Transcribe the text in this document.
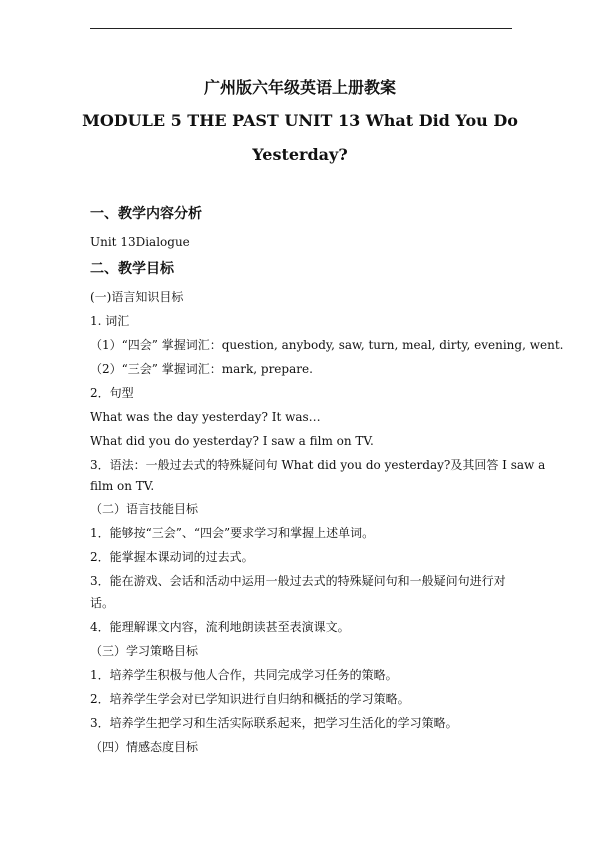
广州版六年级英语上册教案
MODULE 5 THE PAST UNIT 13 What Did You Do
Yesterday?
一、教学内容分析
Unit 13Dialogue
二、教学目标
(一)语言知识目标
1. 词汇
（1）“四会” 掌握词汇：question, anybody, saw, turn, meal, dirty, evening, went.
（2）“三会” 掌握词汇：mark, prepare.
2．句型
What was the day yesterday? It was…
What did you do yesterday? I saw a film on TV.
3．语法：一般过去式的特殊疑问句 What did you do yesterday?及其回答 I saw a
film on TV.
（二）语言技能目标
1．能够按“三会”、“四会”要求学习和掌握上述单词。
2．能掌握本课动词的过去式。
3．能在游戏、会话和活动中运用一般过去式的特殊疑问句和一般疑问句进行对
话。
4．能理解课文内容，流利地朗读甚至表演课文。
（三）学习策略目标
1．培养学生积极与他人合作，共同完成学习任务的策略。
2．培养学生学会对已学知识进行自归纳和概括的学习策略。
3．培养学生把学习和生活实际联系起来，把学习生活化的学习策略。
（四）情感态度目标
